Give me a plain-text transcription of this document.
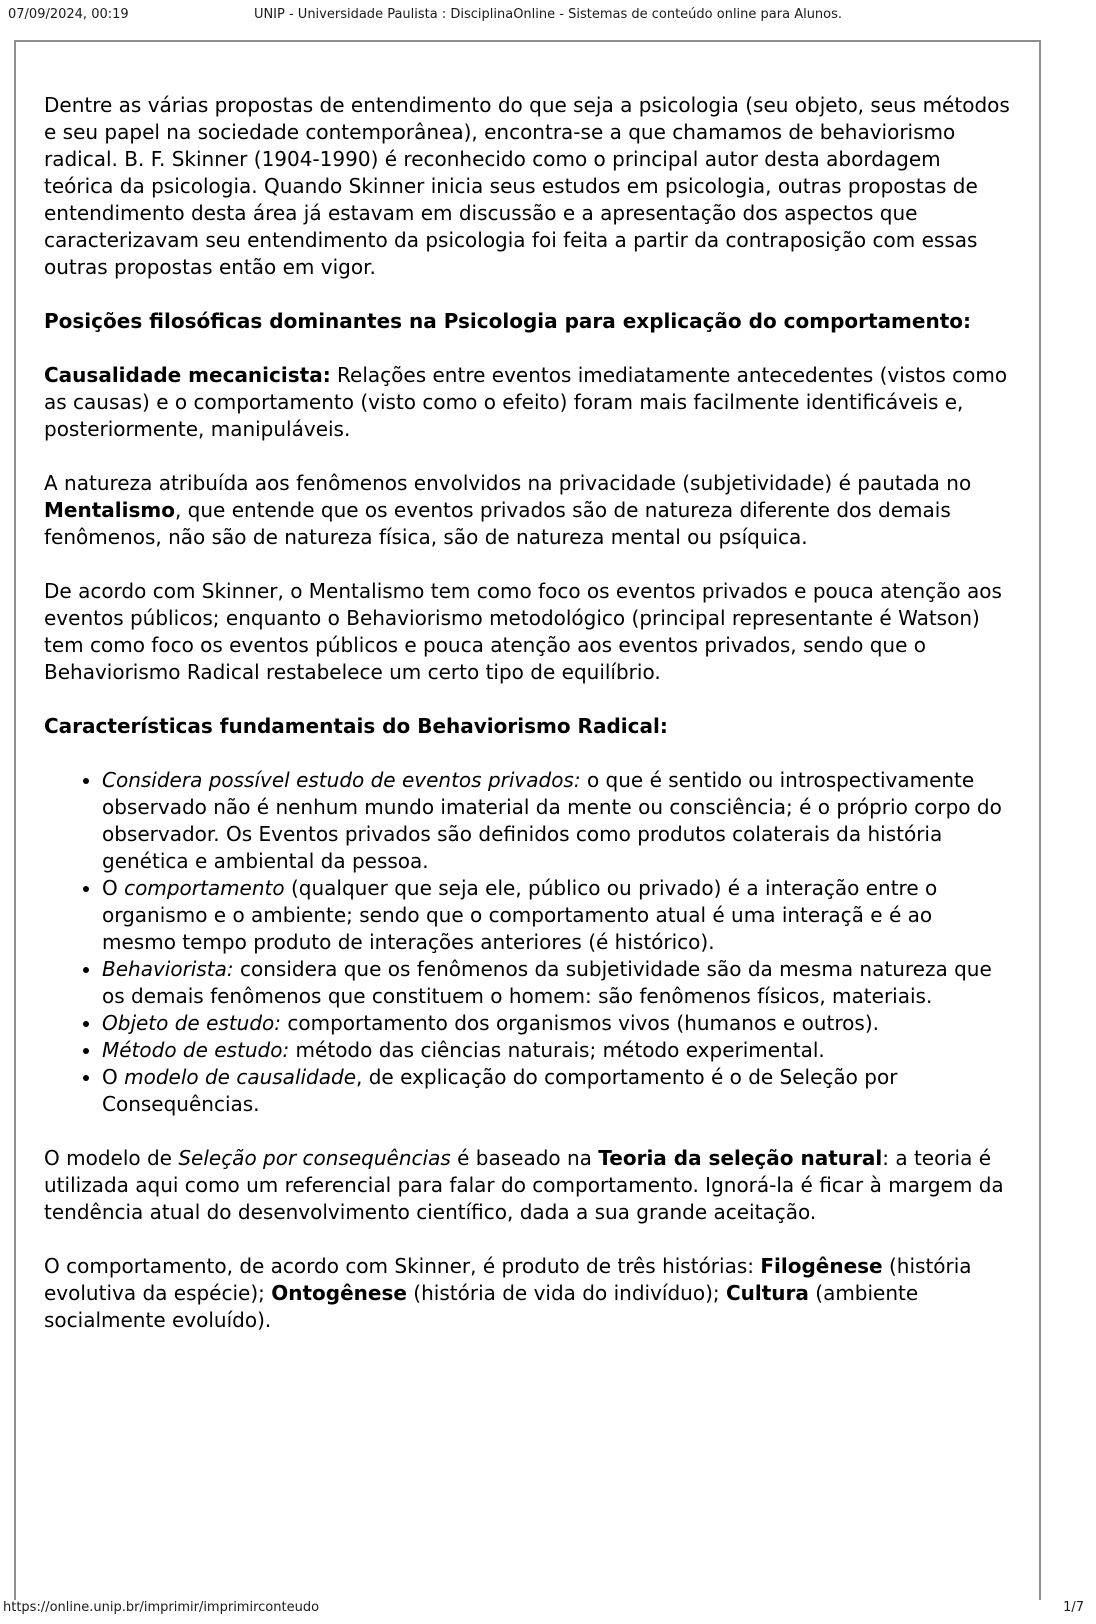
07/09/2024, 00:19	UNIP - Universidade Paulista : DisciplinaOnline - Sistemas de conteúdo online para Alunos.

Dentre as várias propostas de entendimento do que seja a psicologia (seu objeto, seus métodos e seu papel na sociedade contemporânea), encontra-se a que chamamos de behaviorismo radical. B. F. Skinner (1904-1990) é reconhecido como o principal autor desta abordagem teórica da psicologia. Quando Skinner inicia seus estudos em psicologia, outras propostas de entendimento desta área já estavam em discussão e a apresentação dos aspectos que caracterizavam seu entendimento da psicologia foi feita a partir da contraposição com essas outras propostas então em vigor.

Posições filosóficas dominantes na Psicologia para explicação do comportamento:

Causalidade mecanicista: Relações entre eventos imediatamente antecedentes (vistos como as causas) e o comportamento (visto como o efeito) foram mais facilmente identificáveis e, posteriormente, manipuláveis.

A natureza atribuída aos fenômenos envolvidos na privacidade (subjetividade) é pautada no Mentalismo, que entende que os eventos privados são de natureza diferente dos demais fenômenos, não são de natureza física, são de natureza mental ou psíquica.

De acordo com Skinner, o Mentalismo tem como foco os eventos privados e pouca atenção aos eventos públicos; enquanto o Behaviorismo metodológico (principal representante é Watson) tem como foco os eventos públicos e pouca atenção aos eventos privados, sendo que o Behaviorismo Radical restabelece um certo tipo de equilíbrio.

Características fundamentais do Behaviorismo Radical:

• Considera possível estudo de eventos privados: o que é sentido ou introspectivamente observado não é nenhum mundo imaterial da mente ou consciência; é o próprio corpo do observador. Os Eventos privados são definidos como produtos colaterais da história genética e ambiental da pessoa.
• O comportamento (qualquer que seja ele, público ou privado) é a interação entre o organismo e o ambiente; sendo que o comportamento atual é uma interaçã e é ao mesmo tempo produto de interações anteriores (é histórico).
• Behaviorista: considera que os fenômenos da subjetividade são da mesma natureza que os demais fenômenos que constituem o homem: são fenômenos físicos, materiais.
• Objeto de estudo: comportamento dos organismos vivos (humanos e outros).
• Método de estudo: método das ciências naturais; método experimental.
• O modelo de causalidade, de explicação do comportamento é o de Seleção por Consequências.

O modelo de Seleção por consequências é baseado na Teoria da seleção natural: a teoria é utilizada aqui como um referencial para falar do comportamento. Ignorá-la é ficar à margem da tendência atual do desenvolvimento científico, dada a sua grande aceitação.

O comportamento, de acordo com Skinner, é produto de três histórias: Filogênese (história evolutiva da espécie); Ontogênese (história de vida do indivíduo); Cultura (ambiente socialmente evoluído).

https://online.unip.br/imprimir/imprimirconteudo	1/7
